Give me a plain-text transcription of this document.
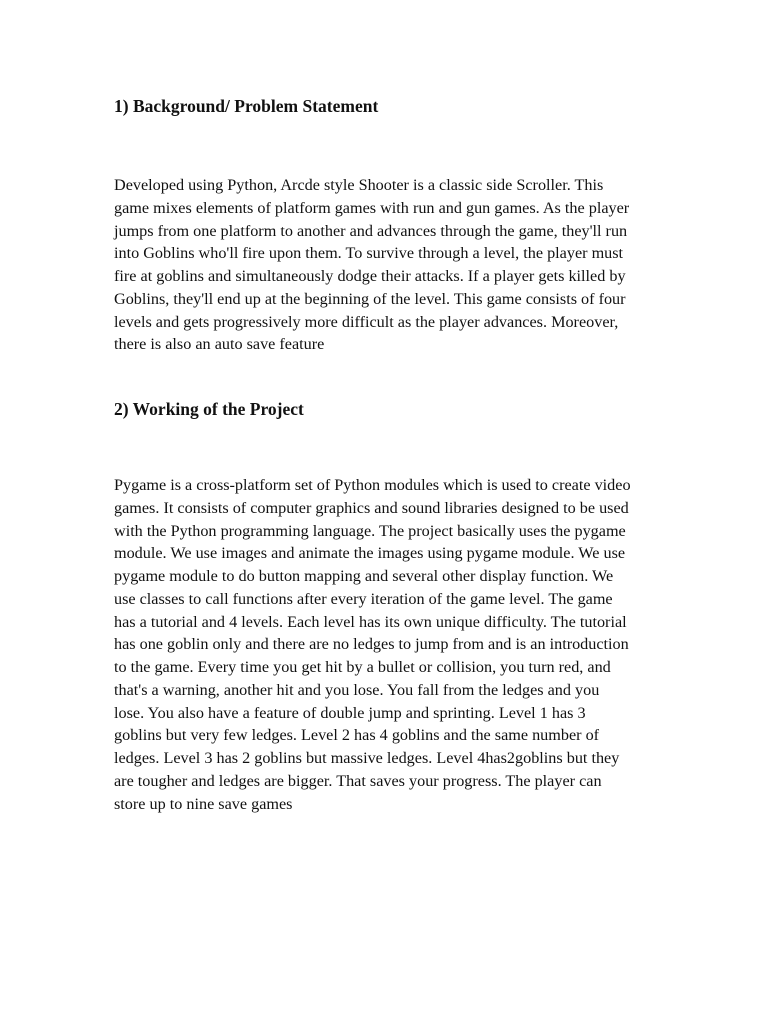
1) Background/ Problem Statement

Developed using Python, Arcde style Shooter is a classic side Scroller. This
game mixes elements of platform games with run and gun games. As the player
jumps from one platform to another and advances through the game, they'll run
into Goblins who'll fire upon them. To survive through a level, the player must
fire at goblins and simultaneously dodge their attacks. If a player gets killed by
Goblins, they'll end up at the beginning of the level. This game consists of four
levels and gets progressively more difficult as the player advances. Moreover,
there is also an auto save feature

2) Working of the Project

Pygame is a cross-platform set of Python modules which is used to create video
games. It consists of computer graphics and sound libraries designed to be used
with the Python programming language. The project basically uses the pygame
module. We use images and animate the images using pygame module. We use
pygame module to do button mapping and several other display function. We
use classes to call functions after every iteration of the game level. The game
has a tutorial and 4 levels. Each level has its own unique difficulty. The tutorial
has one goblin only and there are no ledges to jump from and is an introduction
to the game. Every time you get hit by a bullet or collision, you turn red, and
that's a warning, another hit and you lose. You fall from the ledges and you
lose. You also have a feature of double jump and sprinting. Level 1 has 3
goblins but very few ledges. Level 2 has 4 goblins and the same number of
ledges. Level 3 has 2 goblins but massive ledges. Level 4has2goblins but they
are tougher and ledges are bigger. That saves your progress. The player can
store up to nine save games
